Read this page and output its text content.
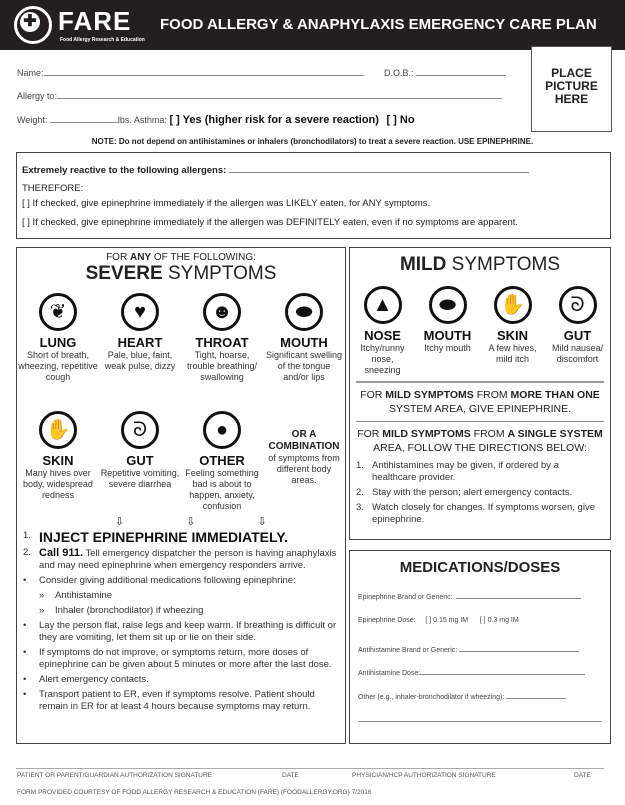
✚ FARE
Food Allergy Research & Education
FOOD ALLERGY & ANAPHYLAXIS EMERGENCY CARE PLAN
PLACE
PICTURE
HERE
Name:	D.O.B.:
Allergy to:
Weight:	lbs. Asthma: [ ] Yes (higher risk for a severe reaction) [ ] No
NOTE: Do not depend on antihistamines or inhalers (bronchodilators) to treat a severe reaction. USE EPINEPHRINE.
Extremely reactive to the following allergens:
THEREFORE:
[ ] If checked, give epinephrine immediately if the allergen was LIKELY eaten, for ANY symptoms.
[ ] If checked, give epinephrine immediately if the allergen was DEFINITELY eaten, even if no symptoms are apparent.
FOR ANY OF THE FOLLOWING:
SEVERE SYMPTOMS
❦
LUNG
Short of breath, wheezing, repetitive cough
♥
HEART
Pale, blue, faint, weak pulse, dizzy
☻
THROAT
Tight, hoarse, trouble breathing/ swallowing
⬬
MOUTH
Significant swelling of the tongue and/or lips
✋
SKIN
Many hives over body, widespread redness
ᘐ
GUT
Repetitive vomiting, severe diarrhea
●
OTHER
Feeling something bad is about to happen, anxiety, confusion
OR A COMBINATION
of symptoms from different body areas.
⇩	⇩	⇩
1. INJECT EPINEPHRINE IMMEDIATELY.
2. Call 911. Tell emergency dispatcher the person is having anaphylaxis and may need epinephrine when emergency responders arrive.
•	Consider giving additional medications following epinephrine:
»	Antihistamine
»	Inhaler (bronchodilator) if wheezing
•	Lay the person flat, raise legs and keep warm. If breathing is difficult or they are vomiting, let them sit up or lie on their side.
•	If symptoms do not improve, or symptoms return, more doses of epinephrine can be given about 5 minutes or more after the last dose.
•	Alert emergency contacts.
•	Transport patient to ER, even if symptoms resolve. Patient should remain in ER for at least 4 hours because symptoms may return.
MILD SYMPTOMS
▲
NOSE
Itchy/runny nose, sneezing
⬬
MOUTH
Itchy mouth
✋
SKIN
A few hives, mild itch
ᘐ
GUT
Mild nausea/ discomfort
FOR MILD SYMPTOMS FROM MORE THAN ONE SYSTEM AREA, GIVE EPINEPHRINE.
FOR MILD SYMPTOMS FROM A SINGLE SYSTEM AREA, FOLLOW THE DIRECTIONS BELOW:
1. Antihistamines may be given, if ordered by a healthcare provider.
2. Stay with the person; alert emergency contacts.
3. Watch closely for changes. If symptoms worsen, give epinephrine.
MEDICATIONS/DOSES
Epinephrine Brand or Generic:
Epinephrine Dose: [ ] 0.15 mg IM [ ] 0.3 mg IM
Antihistamine Brand or Generic:
Antihistamine Dose:
Other (e.g., inhaler-bronchodilator if wheezing):
PATIENT OR PARENT/GUARDIAN AUTHORIZATION SIGNATURE	DATE	PHYSICIAN/HCP AUTHORIZATION SIGNATURE	DATE
FORM PROVIDED COURTESY OF FOOD ALLERGY RESEARCH & EDUCATION (FARE) (FOODALLERGY.ORG) 7/2016
